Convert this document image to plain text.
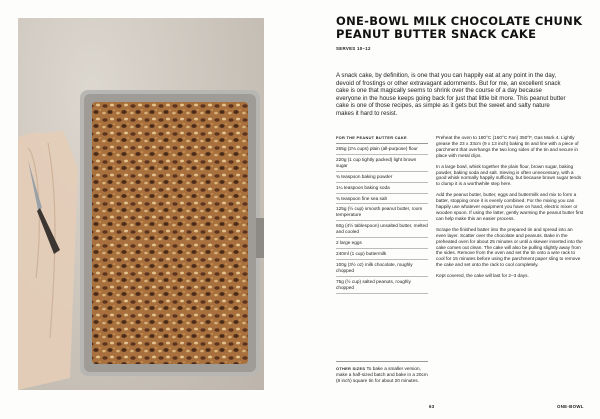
ONE-BOWL MILK CHOCOLATE CHUNK PEANUT BUTTER SNACK CAKE
SERVES 10–12
A snack cake, by definition, is one that you can happily eat at any point in the day, devoid of frostings or other extravagant adornments. But for me, an excellent snack cake is one that magically seems to shrink over the course of a day because everyone in the house keeps going back for just that little bit more. This peanut butter cake is one of those recipes, as simple as it gets but the sweet and salty nature makes it hard to resist.
FOR THE PEANUT BUTTER CAKE
265g (2⅛ cups) plain (all-purpose) flour
220g (1 cup tightly packed) light brown sugar
¾ teaspoon baking powder
1¼ teaspoon baking soda
¾ teaspoon fine sea salt
125g (½ cup) smooth peanut butter, room temperature
60g (4½ tablespoon) unsalted butter, melted and cooled
2 large eggs
240ml (1 cup) buttermilk
100g (3½ oz) milk chocolate, roughly chopped
75g (½ cup) salted peanuts, roughly chopped

Preheat the oven to 180°C (160°C Fan) 350°F, Gas Mark 4. Lightly grease the 23 x 33cm (9 x 13 inch) baking tin and line with a piece of parchment that overhangs the two long sides of the tin and secure in place with metal clips.

In a large bowl, whisk together the plain flour, brown sugar, baking powder, baking soda and salt. Sieving is often unnecessary, with a good whisk normally happily sufficing, but because brown sugar tends to clump it is a worthwhile step here.

Add the peanut butter, butter, eggs and buttermilk and mix to form a batter, stopping once it is evenly combined. For the mixing you can happily use whatever equipment you have on hand, electric mixer or wooden spoon. If using the latter, gently warming the peanut butter first can help make this an easier process.

Scrape the finished batter into the prepared tin and spread into an even layer. Scatter over the chocolate and peanuts. Bake in the preheated oven for about 25 minutes or until a skewer inserted into the cake comes out clean. The cake will also be pulling slightly away from the sides. Remove from the oven and set the tin onto a wire rack to cool for 15 minutes before using the parchment paper sling to remove the cake and set onto the rack to cool completely.

Kept covered, the cake will last for 2–3 days.

OTHER SIZES To bake a smaller version, make a half-sized batch and bake in a 20cm (8 inch) square tin for about 20 minutes.
63	ONE-BOWL
